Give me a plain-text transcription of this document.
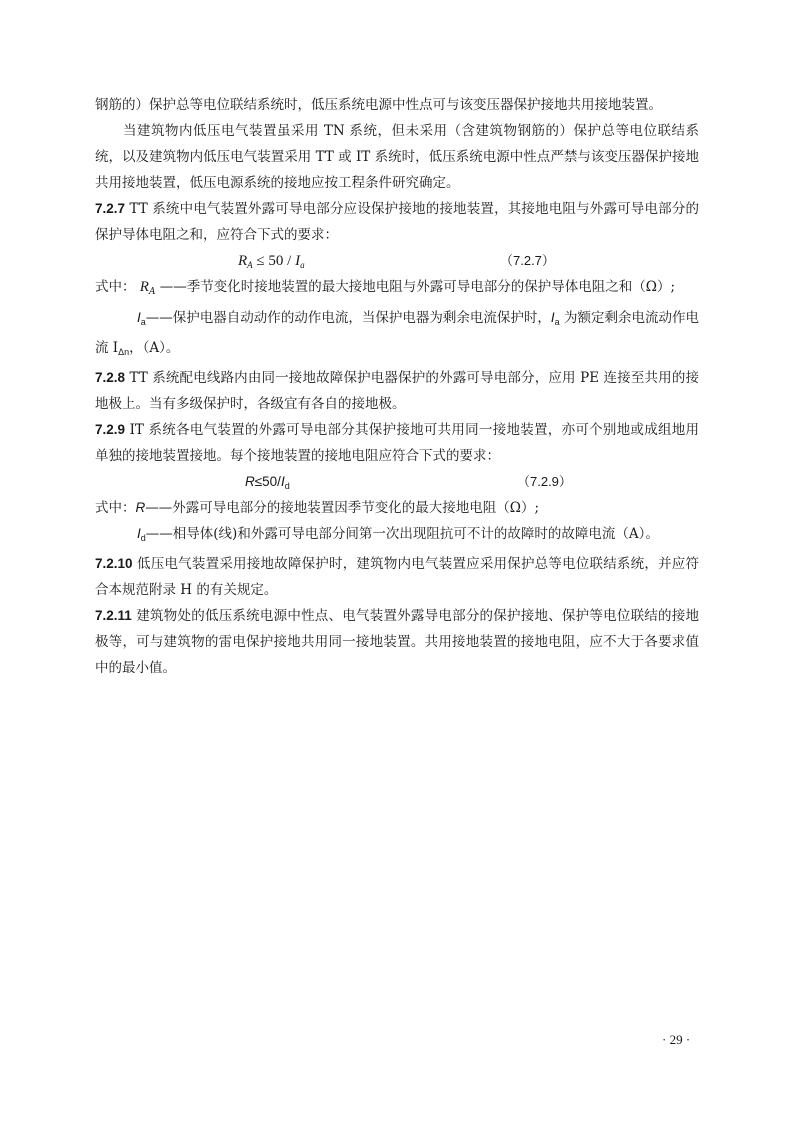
钢筋的）保护总等电位联结系统时，低压系统电源中性点可与该变压器保护接地共用接地装置。

当建筑物内低压电气装置虽采用 TN 系统，但未采用（含建筑物钢筋的）保护总等电位联结系统，以及建筑物内低压电气装置采用 TT 或 IT 系统时，低压系统电源中性点严禁与该变压器保护接地共用接地装置，低压电源系统的接地应按工程条件研究确定。

7.2.7 TT 系统中电气装置外露可导电部分应设保护接地的接地装置，其接地电阻与外露可导电部分的保护导体电阻之和，应符合下式的要求：

$R_A \le 50 / I_a$	（7.2.7）

式中： $R_A$ ——季节变化时接地装置的最大接地电阻与外露可导电部分的保护导体电阻之和（Ω）;

$I_a——$保护电器自动动作的动作电流，当保护电器为剩余电流保护时，$I_a$ 为额定剩余电流动作电流 $I_{\Delta n}$，（A）。

7.2.8 TT 系统配电线路内由同一接地故障保护电器保护的外露可导电部分，应用 PE 连接至共用的接地极上。当有多级保护时，各级宜有各自的接地极。

7.2.9 IT 系统各电气装置的外露可导电部分其保护接地可共用同一接地装置，亦可个别地或成组地用单独的接地装置接地。每个接地装置的接地电阻应符合下式的要求：

$R\le 50/I_d$	（7.2.9）

式中：R——外露可导电部分的接地装置因季节变化的最大接地电阻（Ω）;

$I_d——$相导体(线)和外露可导电部分间第一次出现阻抗可不计的故障时的故障电流（A）。

7.2.10 低压电气装置采用接地故障保护时，建筑物内电气装置应采用保护总等电位联结系统，并应符合本规范附录 H 的有关规定。

7.2.11 建筑物处的低压系统电源中性点、电气装置外露导电部分的保护接地、保护等电位联结的接地极等，可与建筑物的雷电保护接地共用同一接地装置。共用接地装置的接地电阻，应不大于各要求值中的最小值。

· 29 ·
